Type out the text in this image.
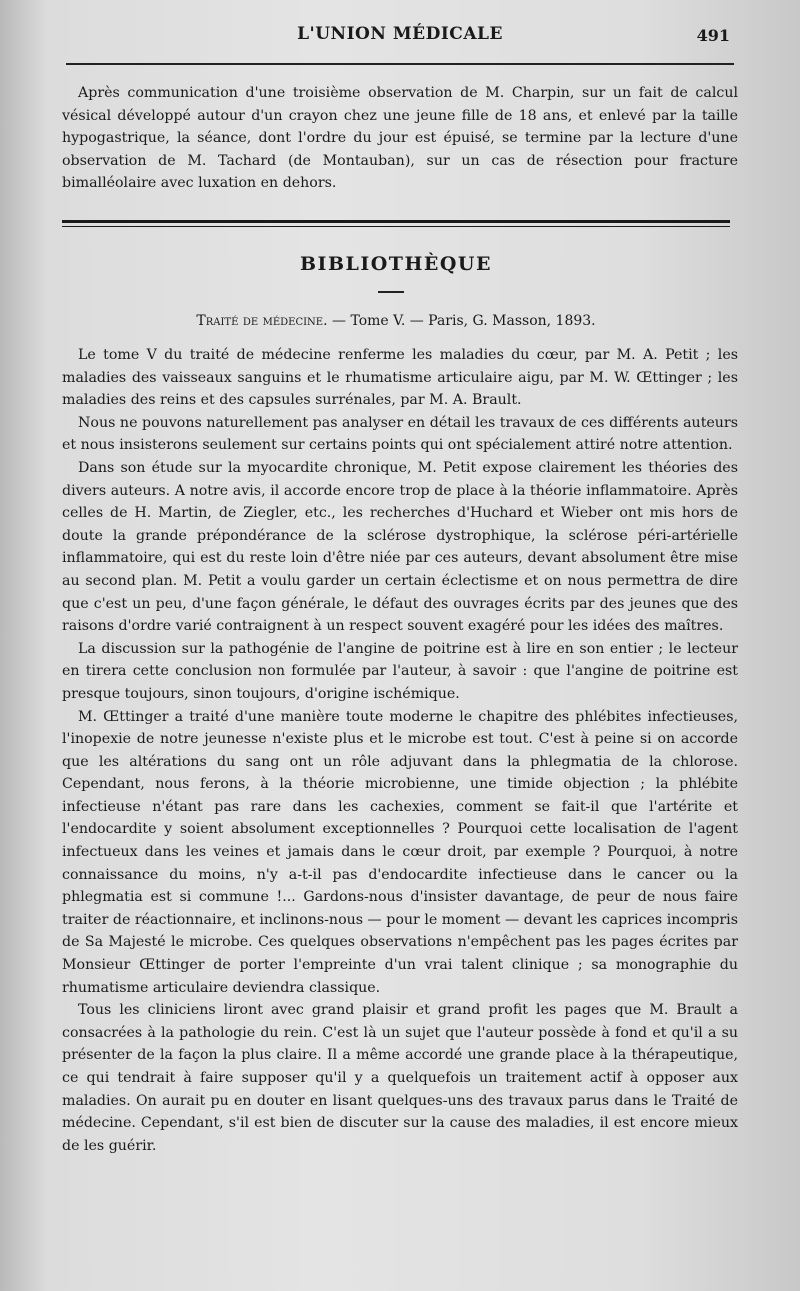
L'UNION MÉDICALE	491

Après communication d'une troisième observation de M. Charpin, sur un fait de calcul vésical développé autour d'un crayon chez une jeune fille de 18 ans, et enlevé par la taille hypogastrique, la séance, dont l'ordre du jour est épuisé, se termine par la lecture d'une observation de M. Tachard (de Montauban), sur un cas de résection pour fracture bimalléolaire avec luxation en dehors.

BIBLIOTHÈQUE
Traité de médecine. — Tome V. — Paris, G. Masson, 1893.

Le tome V du traité de médecine renferme les maladies du cœur, par M. A. Petit ; les maladies des vaisseaux sanguins et le rhumatisme articulaire aigu, par M. W. Œttinger ; les maladies des reins et des capsules surrénales, par M. A. Brault.

Nous ne pouvons naturellement pas analyser en détail les travaux de ces différents auteurs et nous insisterons seulement sur certains points qui ont spécialement attiré notre attention.

Dans son étude sur la myocardite chronique, M. Petit expose clairement les théories des divers auteurs. A notre avis, il accorde encore trop de place à la théorie inflammatoire. Après celles de H. Martin, de Ziegler, etc., les recherches d'Huchard et Wieber ont mis hors de doute la grande prépondérance de la sclérose dystrophique, la sclérose péri-artérielle inflammatoire, qui est du reste loin d'être niée par ces auteurs, devant absolument être mise au second plan. M. Petit a voulu garder un certain éclectisme et on nous permettra de dire que c'est un peu, d'une façon générale, le défaut des ouvrages écrits par des jeunes que des raisons d'ordre varié contraignent à un respect souvent exagéré pour les idées des maîtres.

La discussion sur la pathogénie de l'angine de poitrine est à lire en son entier ; le lecteur en tirera cette conclusion non formulée par l'auteur, à savoir : que l'angine de poitrine est presque toujours, sinon toujours, d'origine ischémique.

M. Œttinger a traité d'une manière toute moderne le chapitre des phlébites infectieuses, l'inopexie de notre jeunesse n'existe plus et le microbe est tout. C'est à peine si on accorde que les altérations du sang ont un rôle adjuvant dans la phlegmatia de la chlorose. Cependant, nous ferons, à la théorie microbienne, une timide objection ; la phlébite infectieuse n'étant pas rare dans les cachexies, comment se fait-il que l'artérite et l'endocardite y soient absolument exceptionnelles ? Pourquoi cette localisation de l'agent infectueux dans les veines et jamais dans le cœur droit, par exemple ? Pourquoi, à notre connaissance du moins, n'y a-t-il pas d'endocardite infectieuse dans le cancer ou la phlegmatia est si commune !... Gardons-nous d'insister davantage, de peur de nous faire traiter de réactionnaire, et inclinons-nous — pour le moment — devant les caprices incompris de Sa Majesté le microbe. Ces quelques observations n'empêchent pas les pages écrites par Monsieur Œttinger de porter l'empreinte d'un vrai talent clinique ; sa monographie du rhumatisme articulaire deviendra classique.

Tous les cliniciens liront avec grand plaisir et grand profit les pages que M. Brault a consacrées à la pathologie du rein. C'est là un sujet que l'auteur possède à fond et qu'il a su présenter de la façon la plus claire. Il a même accordé une grande place à la thérapeutique, ce qui tendrait à faire supposer qu'il y a quelquefois un traitement actif à opposer aux maladies. On aurait pu en douter en lisant quelques-uns des travaux parus dans le Traité de médecine. Cependant, s'il est bien de discuter sur la cause des maladies, il est encore mieux de les guérir.
